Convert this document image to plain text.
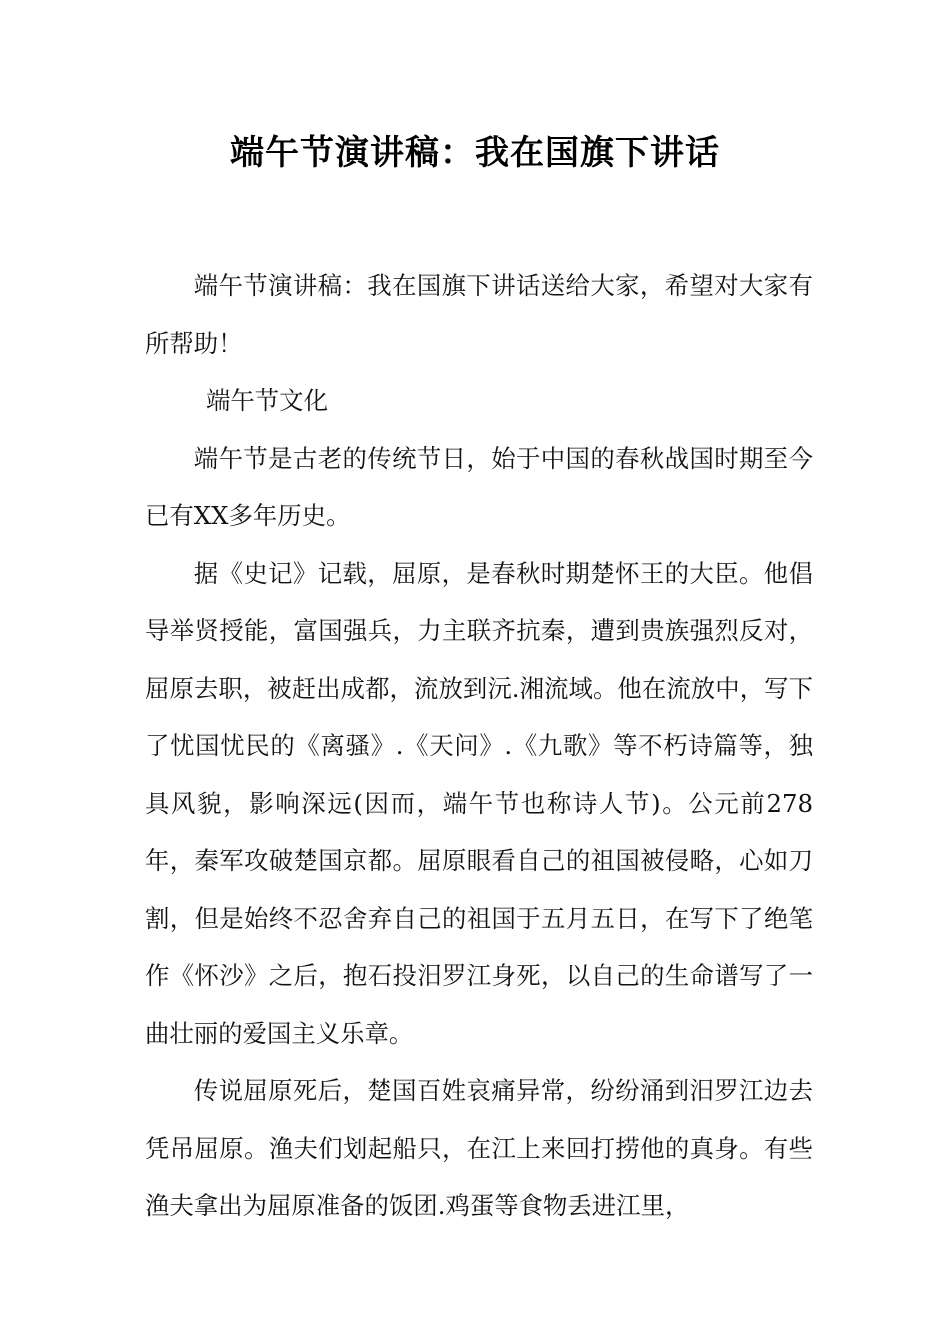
端午节演讲稿：我在国旗下讲话

端午节演讲稿：我在国旗下讲话送给大家，希望对大家有所帮助！

端午节文化

端午节是古老的传统节日，始于中国的春秋战国时期至今已有XX多年历史。

据《史记》记载，屈原，是春秋时期楚怀王的大臣。他倡导举贤授能，富国强兵，力主联齐抗秦，遭到贵族强烈反对，屈原去职，被赶出成都，流放到沅.湘流域。他在流放中，写下了忧国忧民的《离骚》.《天问》.《九歌》等不朽诗篇等，独具风貌，影响深远(因而，端午节也称诗人节)。公元前278年，秦军攻破楚国京都。屈原眼看自己的祖国被侵略，心如刀割，但是始终不忍舍弃自己的祖国于五月五日，在写下了绝笔作《怀沙》之后，抱石投汨罗江身死，以自己的生命谱写了一曲壮丽的爱国主义乐章。

传说屈原死后，楚国百姓哀痛异常，纷纷涌到汨罗江边去凭吊屈原。渔夫们划起船只，在江上来回打捞他的真身。有些渔夫拿出为屈原准备的饭团.鸡蛋等食物丢进江里，
